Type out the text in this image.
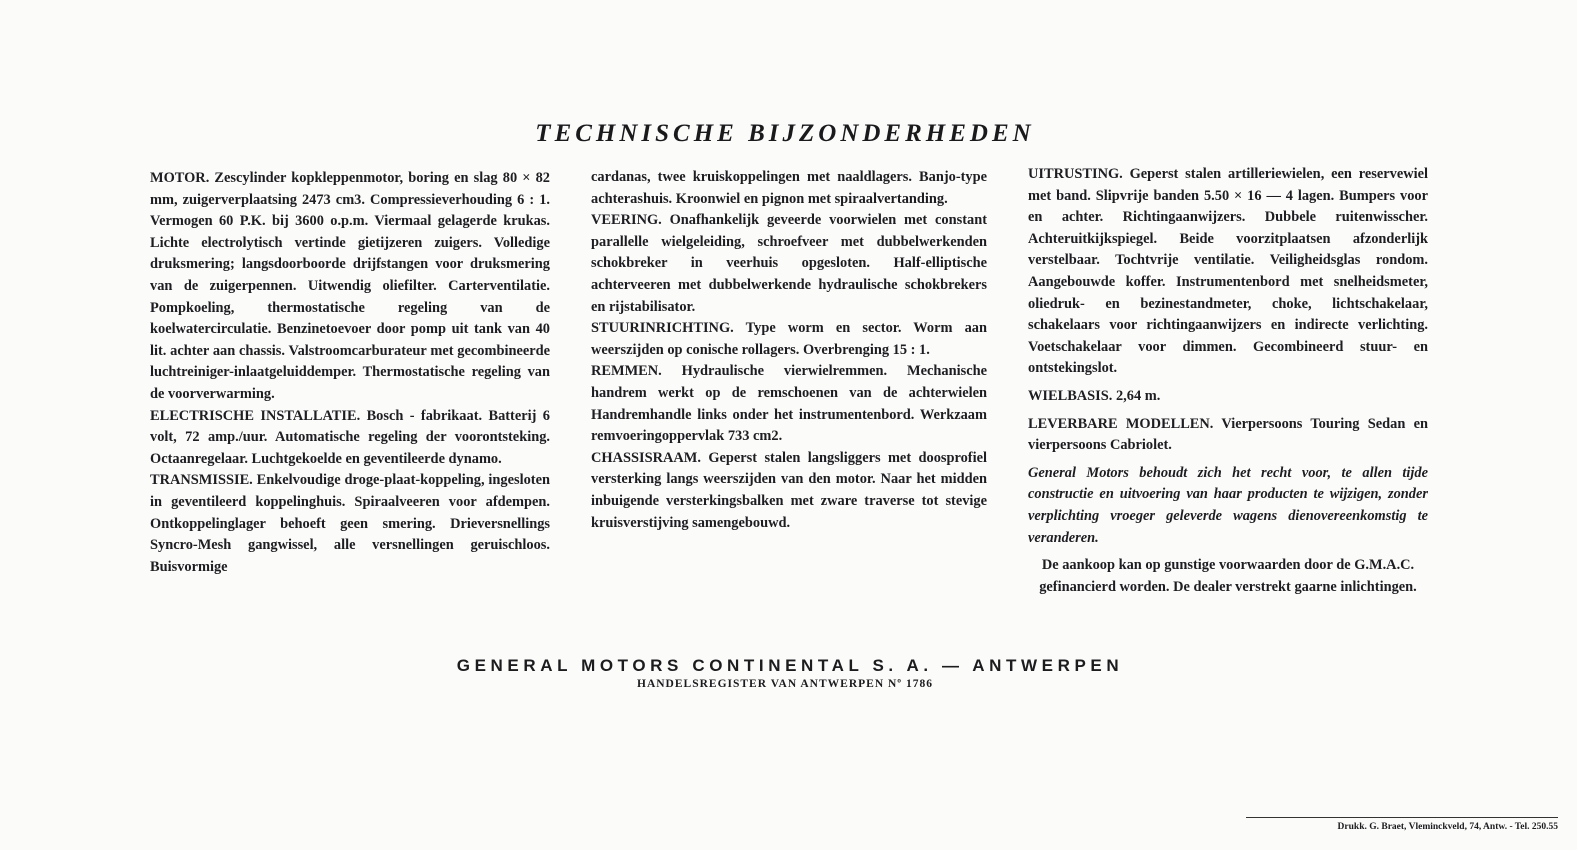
TECHNISCHE BIJZONDERHEDEN

MOTOR. Zescylinder kopkleppenmotor, boring en slag 80 × 82 mm, zuigerverplaatsing 2473 cm3. Compressieverhouding 6 : 1. Vermogen 60 P.K. bij 3600 o.p.m. Viermaal gelagerde krukas. Lichte electrolytisch vertinde gietijzeren zuigers. Volledige druksmering; langsdoorboorde drijfstangen voor druksmering van de zuigerpennen. Uitwendig oliefilter. Carterventilatie. Pompkoeling, thermostatische regeling van de koelwatercirculatie. Benzinetoevoer door pomp uit tank van 40 lit. achter aan chassis. Valstroomcarburateur met gecombineerde luchtreiniger-inlaatgeluiddemper. Thermostatische regeling van de voorverwarming.

ELECTRISCHE INSTALLATIE. Bosch - fabrikaat. Batterij 6 volt, 72 amp./uur. Automatische regeling der voorontsteking. Octaanregelaar. Luchtgekoelde en geventileerde dynamo.

TRANSMISSIE. Enkelvoudige droge-plaat-koppeling, ingesloten in geventileerd koppelinghuis. Spiraalveeren voor afdempen. Ontkoppelinglager behoeft geen smering. Drieversnellings Syncro-Mesh gangwissel, alle versnellingen geruischloos. Buisvormige

cardanas, twee kruiskoppelingen met naaldlagers. Banjo-type achterashuis. Kroonwiel en pignon met spiraalvertanding.

VEERING. Onafhankelijk geveerde voorwielen met constant parallelle wielgeleiding, schroefveer met dubbelwerkenden schokbreker in veerhuis opgesloten. Half-elliptische achterveeren met dubbelwerkende hydraulische schokbrekers en rijstabilisator.

STUURINRICHTING. Type worm en sector. Worm aan weerszijden op conische rollagers. Overbrenging 15 : 1.

REMMEN. Hydraulische vierwielremmen. Mechanische handrem werkt op de remschoenen van de achterwielen Handremhandle links onder het instrumentenbord. Werkzaam remvoeringoppervlak 733 cm2.

CHASSISRAAM. Geperst stalen langsliggers met doosprofiel versterking langs weerszijden van den motor. Naar het midden inbuigende versterkingsbalken met zware traverse tot stevige kruisverstijving samengebouwd.

UITRUSTING. Geperst stalen artilleriewielen, een reservewiel met band. Slipvrije banden 5.50 × 16 — 4 lagen. Bumpers voor en achter. Richtingaanwijzers. Dubbele ruitenwisscher. Achteruitkijkspiegel. Beide voorzitplaatsen afzonderlijk verstelbaar. Tochtvrije ventilatie. Veiligheidsglas rondom. Aangebouwde koffer. Instrumentenbord met snelheidsmeter, oliedruk- en bezinestandmeter, choke, lichtschakelaar, schakelaars voor richtingaanwijzers en indirecte verlichting. Voetschakelaar voor dimmen. Gecombineerd stuur- en ontstekingslot.

WIELBASIS. 2,64 m.

LEVERBARE MODELLEN. Vierpersoons Touring Sedan en vierpersoons Cabriolet.

General Motors behoudt zich het recht voor, te allen tijde constructie en uitvoering van haar producten te wijzigen, zonder verplichting vroeger geleverde wagens dienovereenkomstig te veranderen.

De aankoop kan op gunstige voorwaarden door de G.M.A.C. gefinancierd worden. De dealer verstrekt gaarne inlichtingen.

GENERAL MOTORS CONTINENTAL S. A. — ANTWERPEN
HANDELSREGISTER VAN ANTWERPEN Nº 1786
Drukk. G. Braet, Vleminckveld, 74, Antw. - Tel. 250.55
